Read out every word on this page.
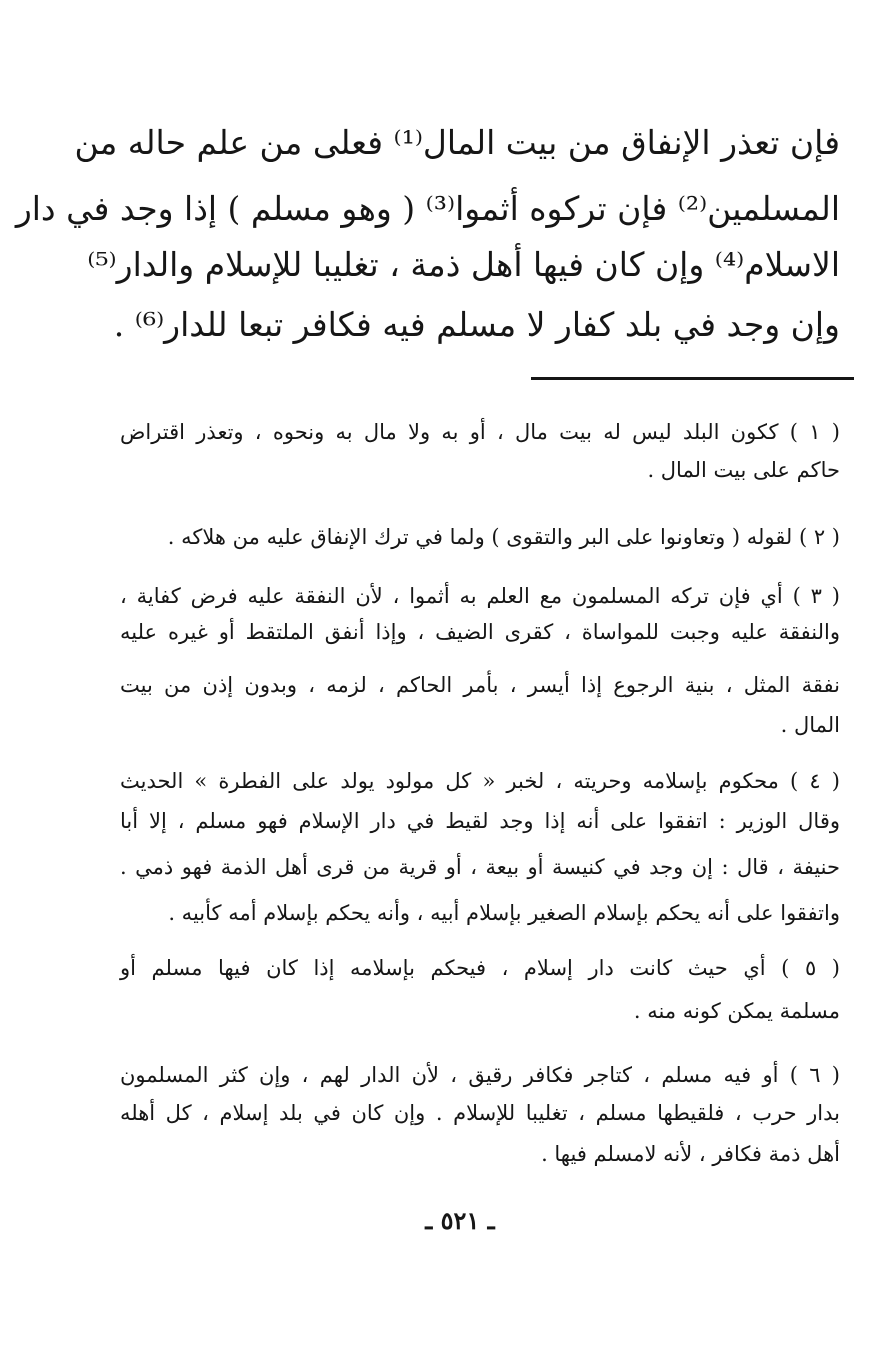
فإن تعذر الإنفاق من بيت المال⁽¹⁾ فعلى من علم حاله من
المسلمين⁽²⁾ فإن تركوه أثموا⁽³⁾ ( وهو مسلم ) إذا وجد في دار
الاسلام⁽⁴⁾ وإن كان فيها أهل ذمة ، تغليبا للإسلام والدار⁽⁵⁾
وإن وجد في بلد كفار لا مسلم فيه فكافر تبعا للدار⁽⁶⁾ .
( ١ ) ككون البلد ليس له بيت مال ، أو به ولا مال به ونحوه ، وتعذر اقتراض
حاكم على بيت المال .
( ٢ ) لقوله ( وتعاونوا على البر والتقوى ) ولما في ترك الإنفاق عليه من هلاكه .
( ٣ ) أي فإن تركه المسلمون مع العلم به أثموا ، لأن النفقة عليه فرض كفاية ،
والنفقة عليه وجبت للمواساة ، كقرى الضيف ، وإذا أنفق الملتقط أو غيره عليه
نفقة المثل ، بنية الرجوع إذا أيسر ، بأمر الحاكم ، لزمه ، وبدون إذن من بيت
المال .
( ٤ ) محكوم بإسلامه وحريته ، لخبر « كل مولود يولد على الفطرة » الحديث
وقال الوزير : اتفقوا على أنه إذا وجد لقيط في دار الإسلام فهو مسلم ، إلا أبا
حنيفة ، قال : إن وجد في كنيسة أو بيعة ، أو قرية من قرى أهل الذمة فهو ذمي .
واتفقوا على أنه يحكم بإسلام الصغير بإسلام أبيه ، وأنه يحكم بإسلام أمه كأبيه .
( ٥ ) أي حيث كانت دار إسلام ، فيحكم بإسلامه إذا كان فيها مسلم أو
مسلمة يمكن كونه منه .
( ٦ ) أو فيه مسلم ، كتاجر فكافر رقيق ، لأن الدار لهم ، وإن كثر المسلمون
بدار حرب ، فلقيطها مسلم ، تغليبا للإسلام . وإن كان في بلد إسلام ، كل أهله
أهل ذمة فكافر ، لأنه لامسلم فيها .
ـ ٥٢١ ـ
